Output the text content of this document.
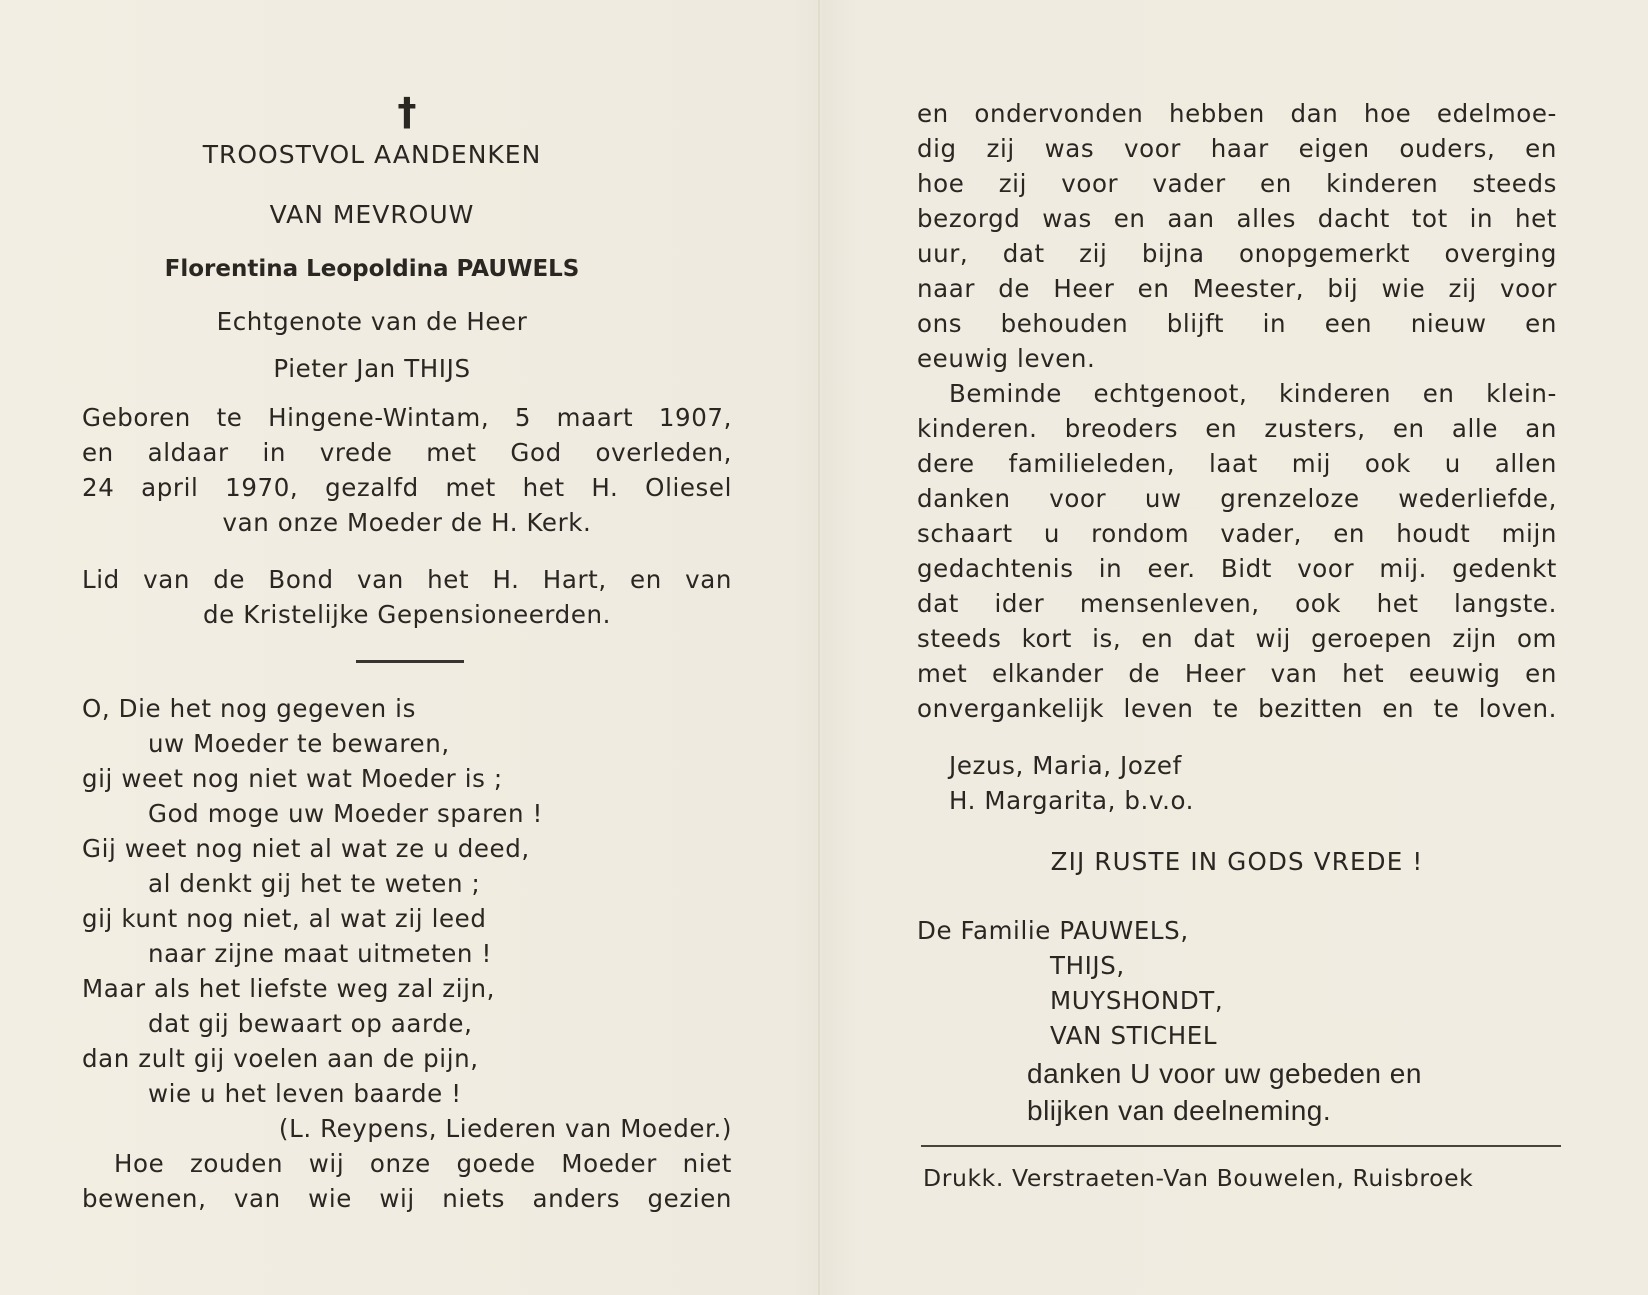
†
TROOSTVOL AANDENKEN
VAN MEVROUW
Florentina Leopoldina PAUWELS
Echtgenote van de Heer
Pieter Jan THIJS
Geboren te Hingene-Wintam, 5 maart 1907,
en aldaar in vrede met God overleden,
24 april 1970, gezalfd met het H. Oliesel
van onze Moeder de H. Kerk.
Lid van de Bond van het H. Hart, en van
de Kristelijke Gepensioneerden.
O, Die het nog gegeven is
uw Moeder te bewaren,
gij weet nog niet wat Moeder is ;
God moge uw Moeder sparen !
Gij weet nog niet al wat ze u deed,
al denkt gij het te weten ;
gij kunt nog niet, al wat zij leed
naar zijne maat uitmeten !
Maar als het liefste weg zal zijn,
dat gij bewaart op aarde,
dan zult gij voelen aan de pijn,
wie u het leven baarde !
(L. Reypens, Liederen van Moeder.)
Hoe zouden wij onze goede Moeder niet
bewenen, van wie wij niets anders gezien
en ondervonden hebben dan hoe edelmoe-
dig zij was voor haar eigen ouders, en
hoe zij voor vader en kinderen steeds
bezorgd was en aan alles dacht tot in het
uur, dat zij bijna onopgemerkt overging
naar de Heer en Meester, bij wie zij voor
ons behouden blijft in een nieuw en
eeuwig leven.
Beminde echtgenoot, kinderen en klein-
kinderen. breoders en zusters, en alle an
dere familieleden, laat mij ook u allen
danken voor uw grenzeloze wederliefde,
schaart u rondom vader, en houdt mijn
gedachtenis in eer. Bidt voor mij. gedenkt
dat ider mensenleven, ook het langste.
steeds kort is, en dat wij geroepen zijn om
met elkander de Heer van het eeuwig en
onvergankelijk leven te bezitten en te loven.
Jezus, Maria, Jozef
H. Margarita, b.v.o.
ZIJ RUSTE IN GODS VREDE !
De Familie PAUWELS,
THIJS,
MUYSHONDT,
VAN STICHEL
danken U voor uw gebeden en
blijken van deelneming.
Drukk. Verstraeten-Van Bouwelen, Ruisbroek
